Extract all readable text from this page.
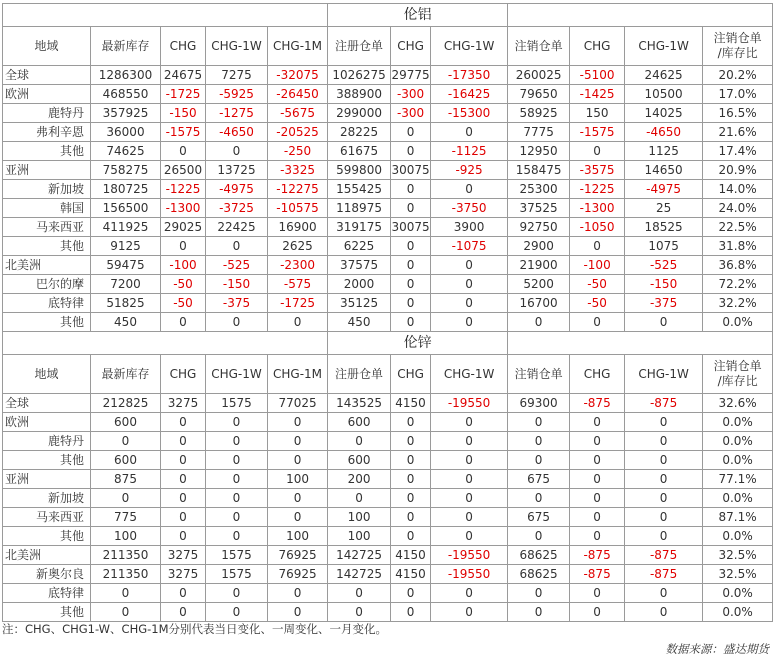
					伦铝						
地域	最新库存	CHG	CHG-1W	CHG-1M	注册仓单	CHG	CHG-1W	注销仓单	CHG	CHG-1W	注销仓单
/库存比
全球	1286300	24675	7275	-32075	1026275	29775	-17350	260025	-5100	24625	20.2%
欧洲	468550	-1725	-5925	-26450	388900	-300	-16425	79650	-1425	10500	17.0%
鹿特丹	357925	-150	-1275	-5675	299000	-300	-15300	58925	150	14025	16.5%
弗利辛恩	36000	-1575	-4650	-20525	28225	0	0	7775	-1575	-4650	21.6%
其他	74625	0	0	-250	61675	0	-1125	12950	0	1125	17.4%
亚洲	758275	26500	13725	-3325	599800	30075	-925	158475	-3575	14650	20.9%
新加坡	180725	-1225	-4975	-12275	155425	0	0	25300	-1225	-4975	14.0%
韩国	156500	-1300	-3725	-10575	118975	0	-3750	37525	-1300	25	24.0%
马来西亚	411925	29025	22425	16900	319175	30075	3900	92750	-1050	18525	22.5%
其他	9125	0	0	2625	6225	0	-1075	2900	0	1075	31.8%
北美洲	59475	-100	-525	-2300	37575	0	0	21900	-100	-525	36.8%
巴尔的摩	7200	-50	-150	-575	2000	0	0	5200	-50	-150	72.2%
底特律	51825	-50	-375	-1725	35125	0	0	16700	-50	-375	32.2%
其他	450	0	0	0	450	0	0	0	0	0	0.0%
					伦锌						
地域	最新库存	CHG	CHG-1W	CHG-1M	注册仓单	CHG	CHG-1W	注销仓单	CHG	CHG-1W	注销仓单
/库存比
全球	212825	3275	1575	77025	143525	4150	-19550	69300	-875	-875	32.6%
欧洲	600	0	0	0	600	0	0	0	0	0	0.0%
鹿特丹	0	0	0	0	0	0	0	0	0	0	0.0%
其他	600	0	0	0	600	0	0	0	0	0	0.0%
亚洲	875	0	0	100	200	0	0	675	0	0	77.1%
新加坡	0	0	0	0	0	0	0	0	0	0	0.0%
马来西亚	775	0	0	0	100	0	0	675	0	0	87.1%
其他	100	0	0	100	100	0	0	0	0	0	0.0%
北美洲	211350	3275	1575	76925	142725	4150	-19550	68625	-875	-875	32.5%
新奥尔良	211350	3275	1575	76925	142725	4150	-19550	68625	-875	-875	32.5%
底特律	0	0	0	0	0	0	0	0	0	0	0.0%
其他	0	0	0	0	0	0	0	0	0	0	0.0%
注：CHG、CHG1-W、CHG-1M分别代表当日变化、一周变化、一月变化。
数据来源：盛达期货
